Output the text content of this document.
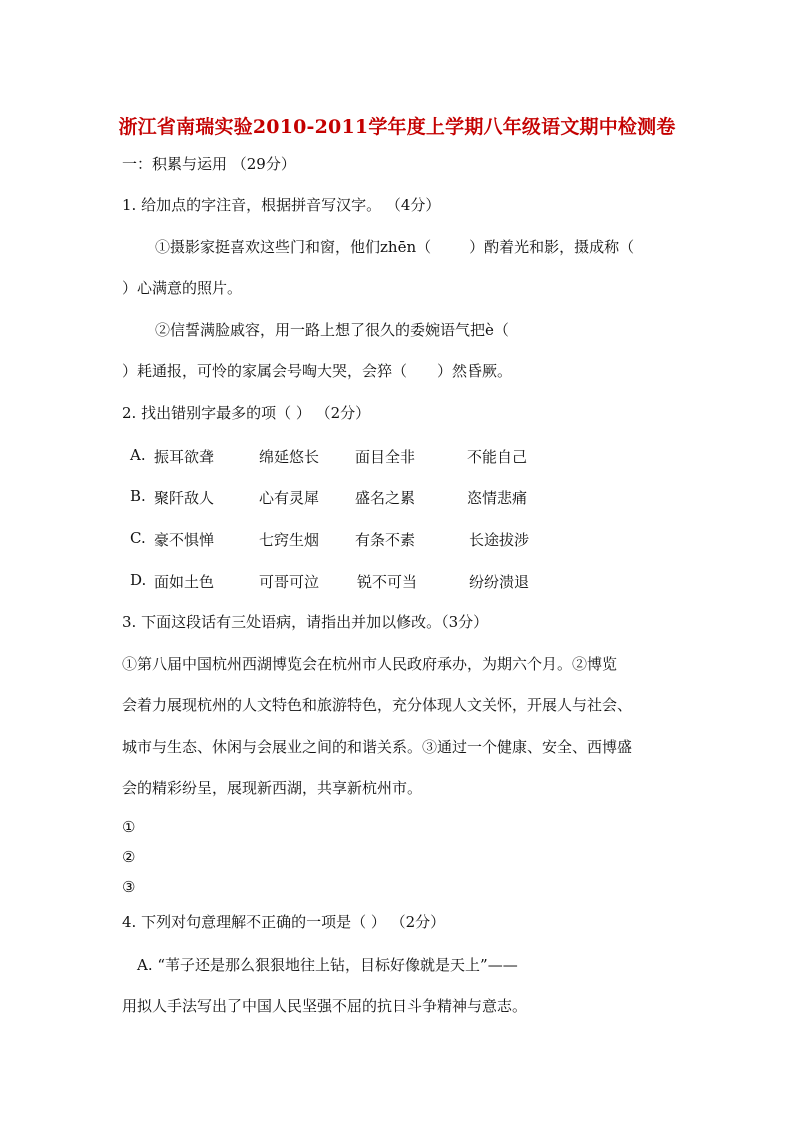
浙江省南瑞实验2010-2011学年度上学期八年级语文期中检测卷
一：积累与运用 （29分）
1. 给加点的字注音，根据拼音写汉字。 （4分）
①摄影家挺喜欢这些门和窗，他们zhēn（	）酌着光和影，摄成称（
）心满意的照片。
②信誓满脸戚容，用一路上想了很久的委婉语气把è（
）耗通报，可怜的家属会号啕大哭，会猝（ ）然昏厥。
2. 找出错别字最多的项（ ） （2分）
A. 振耳欲聋	绵延悠长 面目全非	不能自己
B. 聚阡敌人	心有灵犀 盛名之累	恣情悲痛
C. 豪不惧惮	七窍生烟 有条不素	长途拔涉
D. 面如土色	可哥可泣	锐不可当	纷纷溃退
3. 下面这段话有三处语病，请指出并加以修改。（3分）
①第八届中国杭州西湖博览会在杭州市人民政府承办，为期六个月。②博览
会着力展现杭州的人文特色和旅游特色，充分体现人文关怀，开展人与社会、
城市与生态、休闲与会展业之间的和谐关系。③通过一个健康、安全、西博盛
会的精彩纷呈，展现新西湖，共享新杭州市。
①
②
③
4. 下列对句意理解不正确的一项是（ ） （2分）
A. “苇子还是那么狠狠地往上钻，目标好像就是天上”——
用拟人手法写出了中国人民坚强不屈的抗日斗争精神与意志。
